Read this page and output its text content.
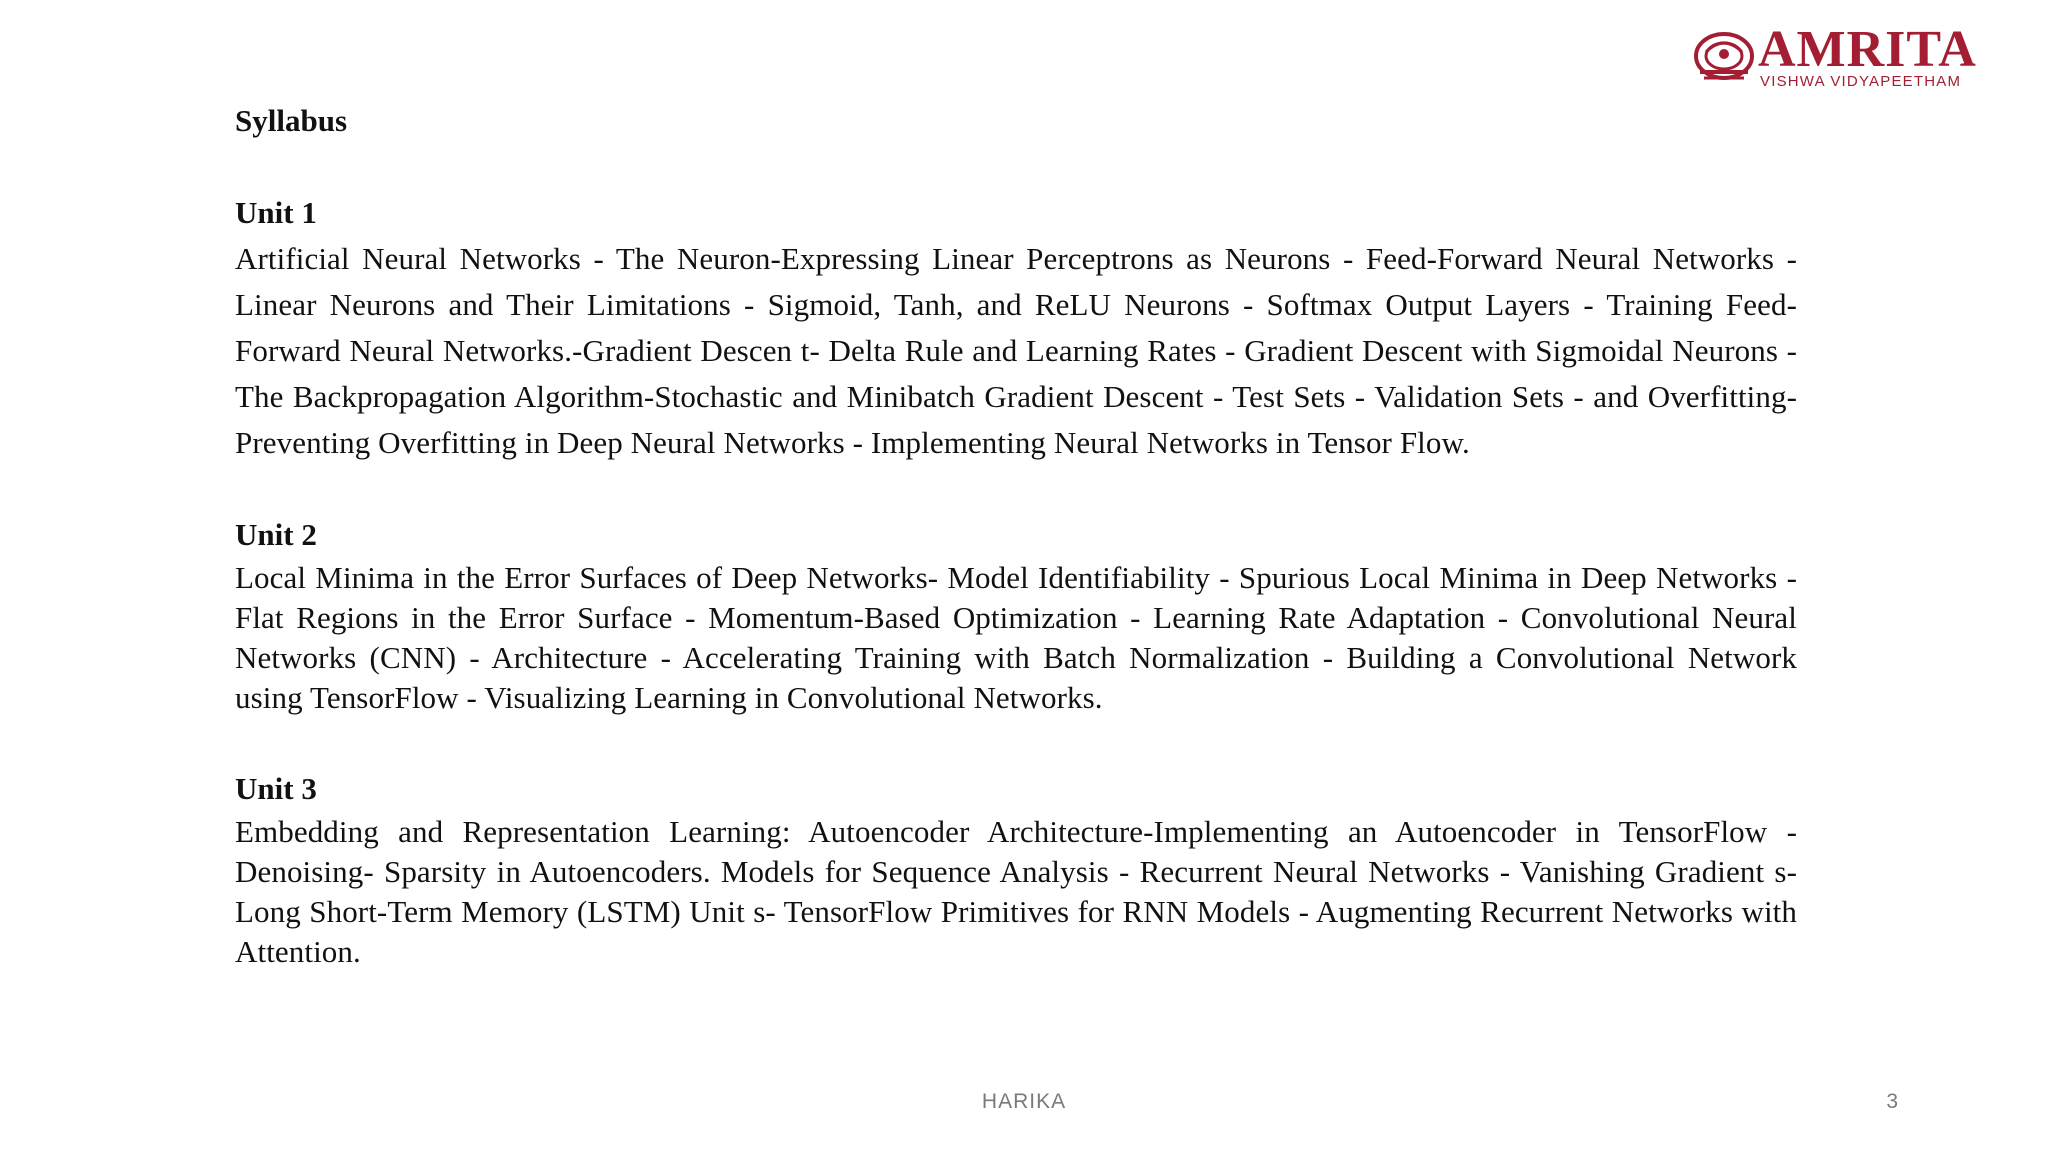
AMRITA
VISHWA VIDYAPEETHAM

Syllabus

Unit 1

Artificial Neural Networks - The Neuron-Expressing Linear Perceptrons as Neurons - Feed-Forward Neural Networks - Linear Neurons and Their Limitations - Sigmoid, Tanh, and ReLU Neurons - Softmax Output Layers - Training Feed-Forward Neural Networks.-Gradient Descen t- Delta Rule and Learning Rates - Gradient Descent with Sigmoidal Neurons - The Backpropagation Algorithm-Stochastic and Minibatch Gradient Descent - Test Sets - Validation Sets - and Overfitting- Preventing Overfitting in Deep Neural Networks - Implementing Neural Networks in Tensor Flow.

Unit 2

Local Minima in the Error Surfaces of Deep Networks- Model Identifiability - Spurious Local Minima in Deep Networks - Flat Regions in the Error Surface - Momentum-Based Optimization - Learning Rate Adaptation - Convolutional Neural Networks (CNN) - Architecture - Accelerating Training with Batch Normalization - Building a Convolutional Network using TensorFlow - Visualizing Learning in Convolutional Networks.

Unit 3

Embedding and Representation Learning: Autoencoder Architecture-Implementing an Autoencoder in TensorFlow - Denoising- Sparsity in Autoencoders. Models for Sequence Analysis - Recurrent Neural Networks - Vanishing Gradient s- Long Short-Term Memory (LSTM) Unit s- TensorFlow Primitives for RNN Models - Augmenting Recurrent Networks with Attention.

HARIKA	3
